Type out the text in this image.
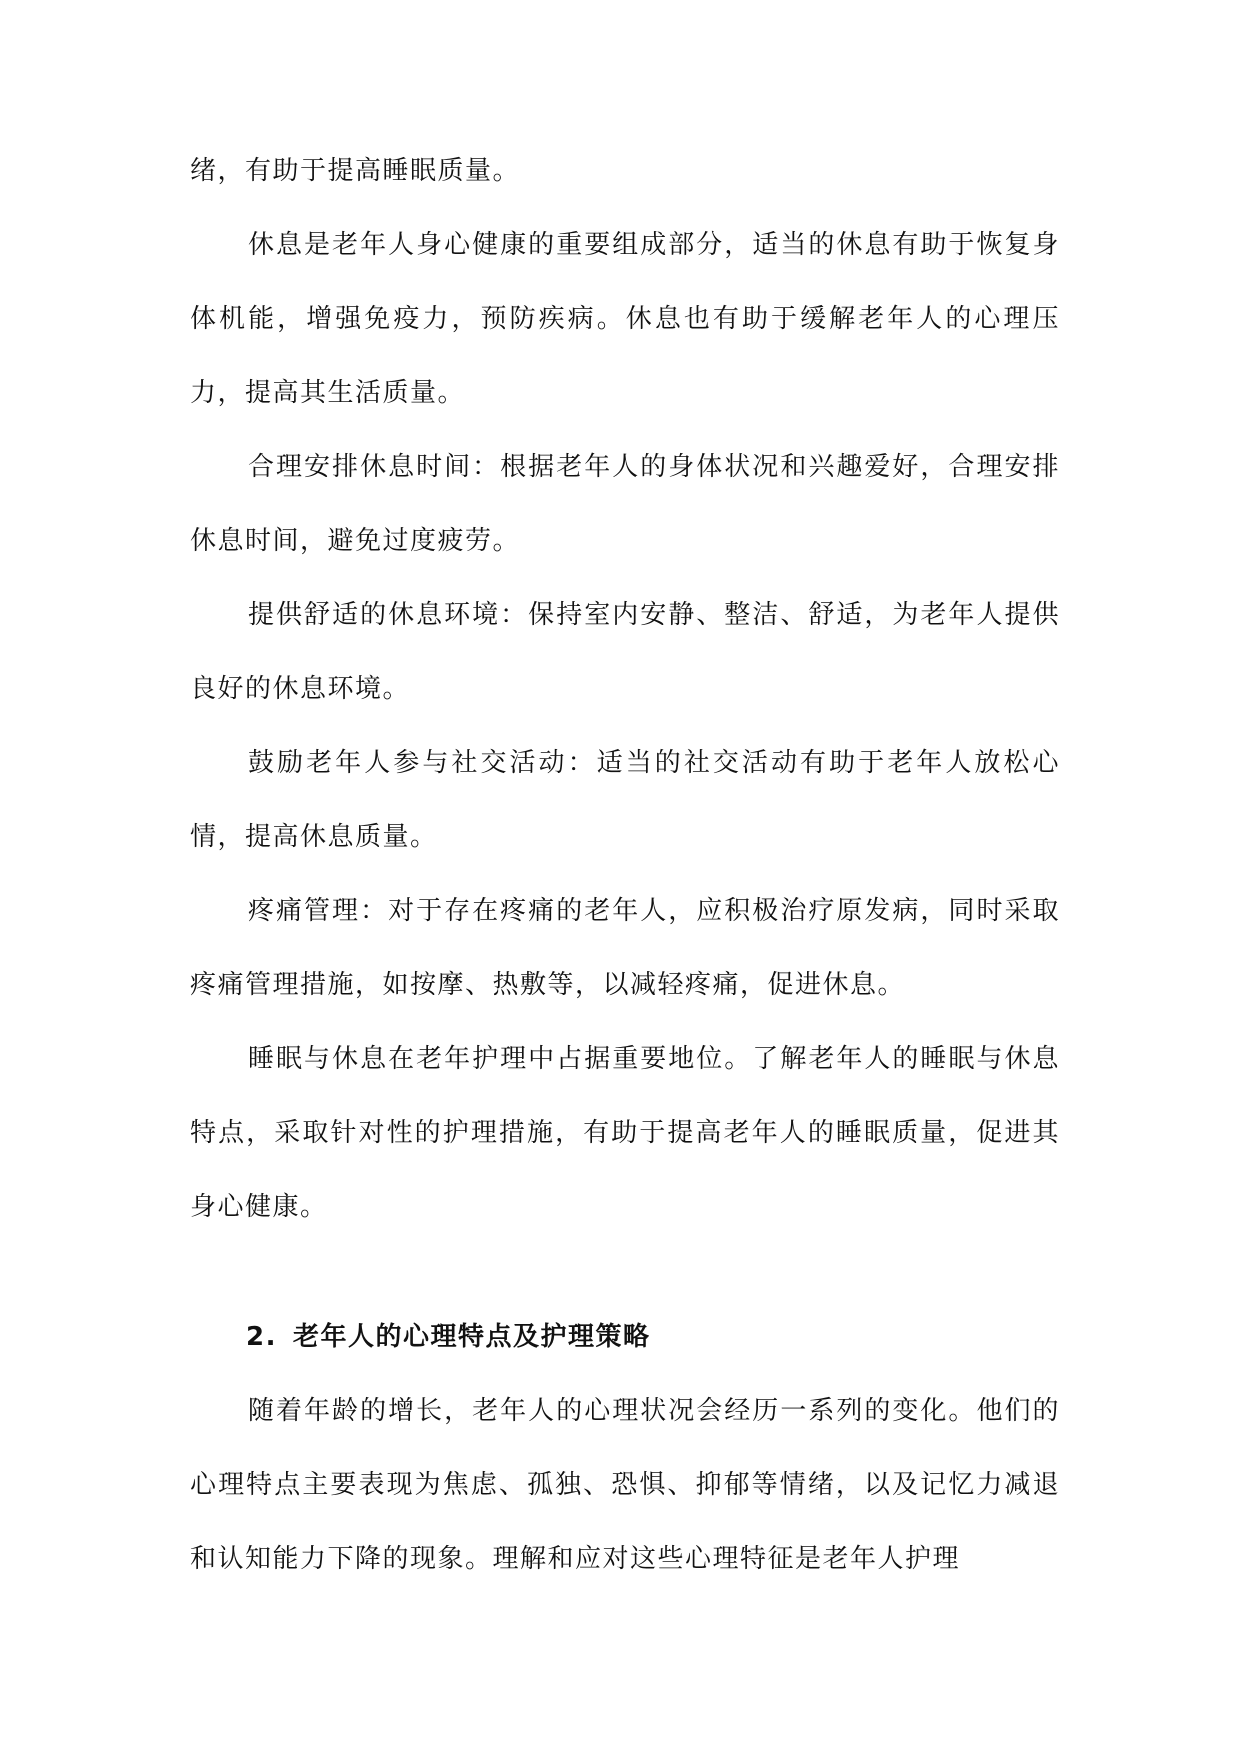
绪，有助于提高睡眠质量。

休息是老年人身心健康的重要组成部分，适当的休息有助于恢复身体机能，增强免疫力，预防疾病。休息也有助于缓解老年人的心理压力，提高其生活质量。

合理安排休息时间：根据老年人的身体状况和兴趣爱好，合理安排休息时间，避免过度疲劳。

提供舒适的休息环境：保持室内安静、整洁、舒适，为老年人提供良好的休息环境。

鼓励老年人参与社交活动：适当的社交活动有助于老年人放松心情，提高休息质量。

疼痛管理：对于存在疼痛的老年人，应积极治疗原发病，同时采取疼痛管理措施，如按摩、热敷等，以减轻疼痛，促进休息。

睡眠与休息在老年护理中占据重要地位。了解老年人的睡眠与休息特点，采取针对性的护理措施，有助于提高老年人的睡眠质量，促进其身心健康。

2. 老年人的心理特点及护理策略

随着年龄的增长，老年人的心理状况会经历一系列的变化。他们的心理特点主要表现为焦虑、孤独、恐惧、抑郁等情绪，以及记忆力减退和认知能力下降的现象。理解和应对这些心理特征是老年人护理
